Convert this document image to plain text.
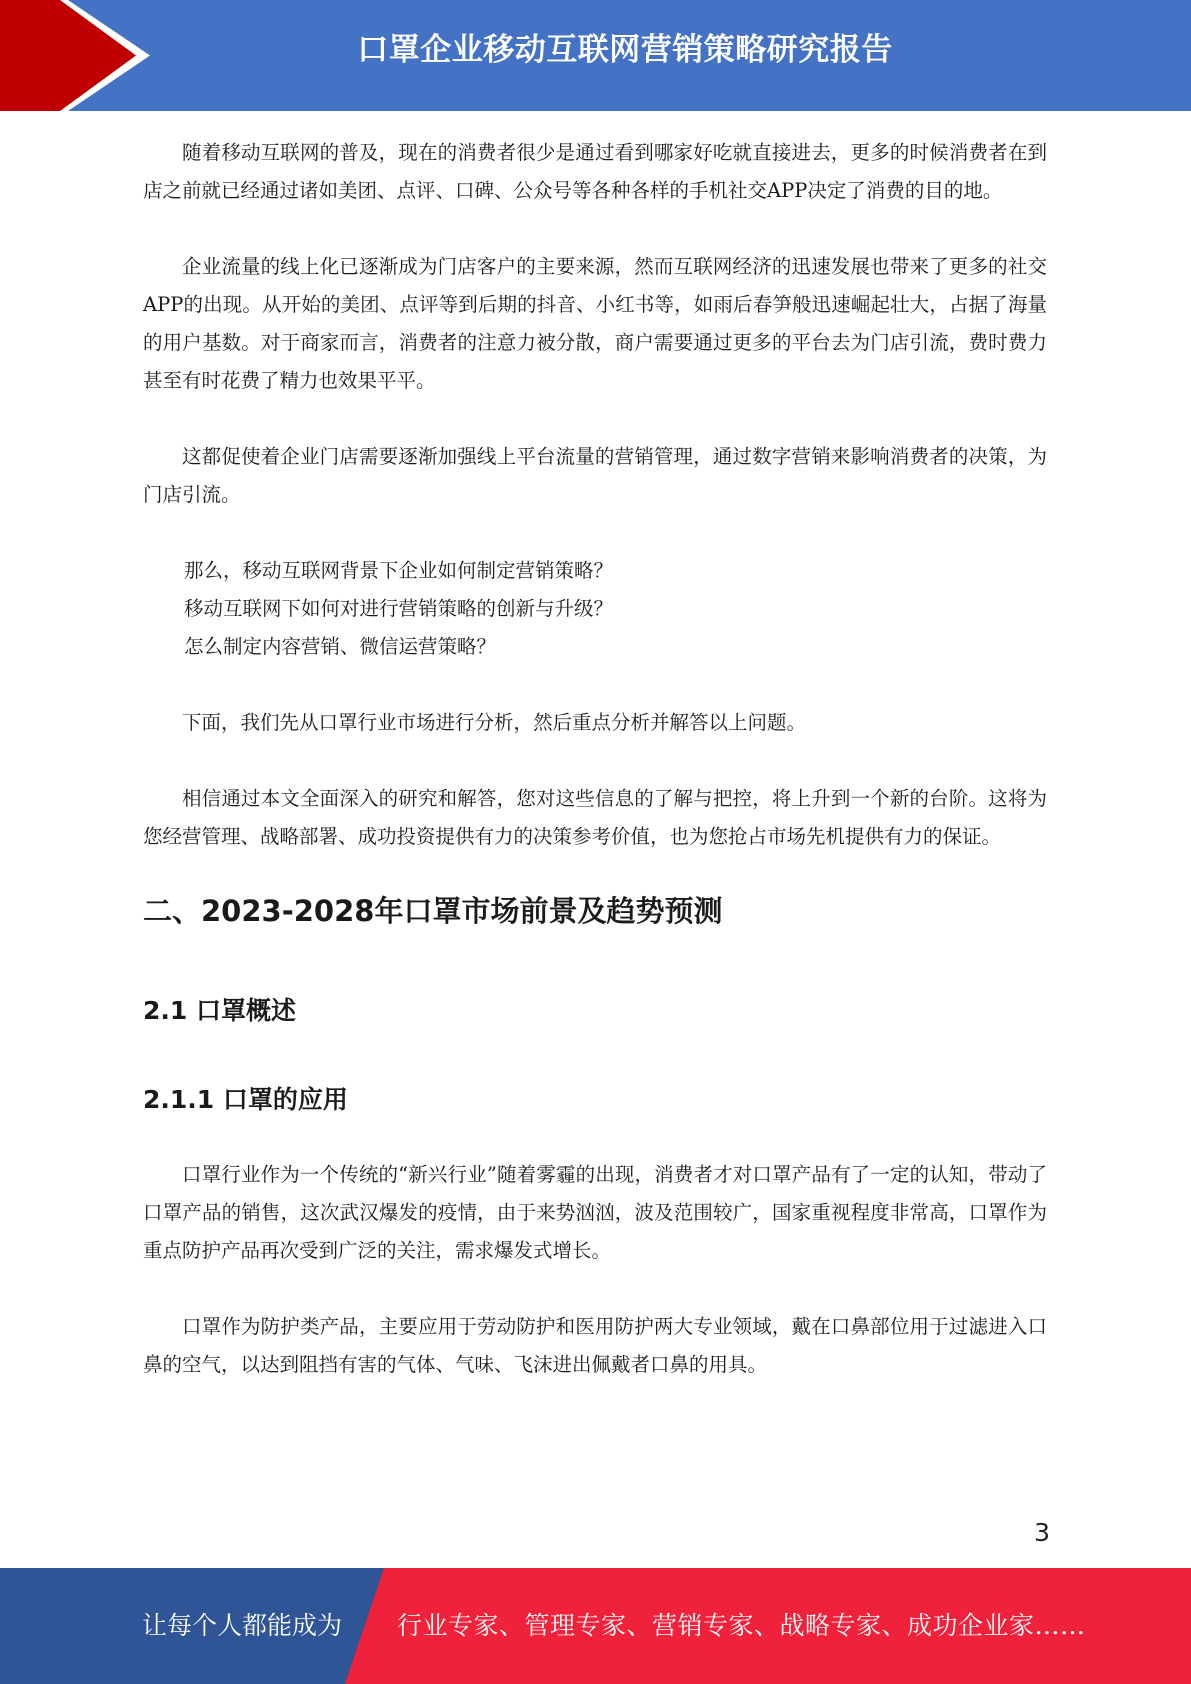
口罩企业移动互联网营销策略研究报告

随着移动互联网的普及，现在的消费者很少是通过看到哪家好吃就直接进去，更多的时候消费者在到店之前就已经通过诸如美团、点评、口碑、公众号等各种各样的手机社交APP决定了消费的目的地。

企业流量的线上化已逐渐成为门店客户的主要来源，然而互联网经济的迅速发展也带来了更多的社交APP的出现。从开始的美团、点评等到后期的抖音、小红书等，如雨后春笋般迅速崛起壮大，占据了海量的用户基数。对于商家而言，消费者的注意力被分散，商户需要通过更多的平台去为门店引流，费时费力甚至有时花费了精力也效果平平。

这都促使着企业门店需要逐渐加强线上平台流量的营销管理，通过数字营销来影响消费者的决策，为门店引流。

那么，移动互联网背景下企业如何制定营销策略？

移动互联网下如何对进行营销策略的创新与升级？

怎么制定内容营销、微信运营策略？

下面，我们先从口罩行业市场进行分析，然后重点分析并解答以上问题。

相信通过本文全面深入的研究和解答，您对这些信息的了解与把控，将上升到一个新的台阶。这将为您经营管理、战略部署、成功投资提供有力的决策参考价值，也为您抢占市场先机提供有力的保证。

二、2023-2028年口罩市场前景及趋势预测
2.1 口罩概述
2.1.1 口罩的应用

口罩行业作为一个传统的“新兴行业”随着雾霾的出现，消费者才对口罩产品有了一定的认知，带动了口罩产品的销售，这次武汉爆发的疫情，由于来势汹汹，波及范围较广，国家重视程度非常高，口罩作为重点防护产品再次受到广泛的关注，需求爆发式增长。

口罩作为防护类产品，主要应用于劳动防护和医用防护两大专业领域，戴在口鼻部位用于过滤进入口鼻的空气，以达到阻挡有害的气体、气味、飞沫进出佩戴者口鼻的用具。

3
让每个人都能成为 行业专家、管理专家、营销专家、战略专家、成功企业家……
